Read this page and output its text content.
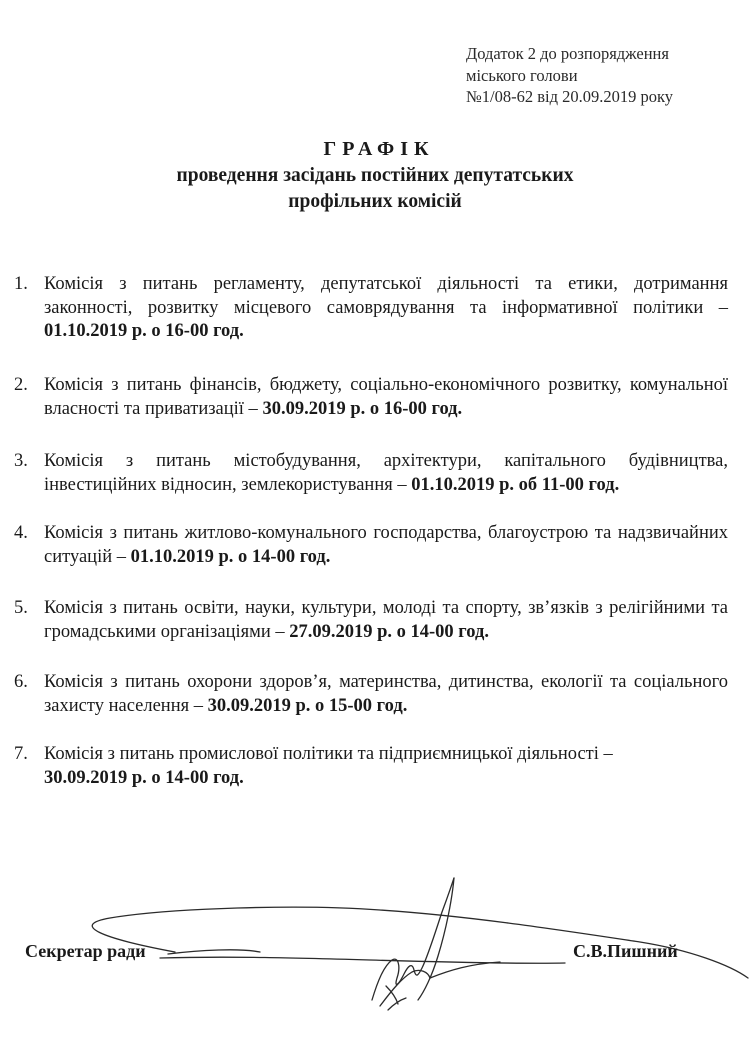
Додаток 2 до розпорядження
міського голови
№1/08-62 від 20.09.2019 року
ГРАФІК
проведення засідань постійних депутатських
профільних комісій
1. Комісія з питань регламенту, депутатської діяльності та етики, дотримання законності, розвитку місцевого самоврядування та інформативної політики – 01.10.2019 р. о 16-00 год.
2. Комісія з питань фінансів, бюджету, соціально-економічного розвитку, комунальної власності та приватизації – 30.09.2019 р. о 16-00 год.
3. Комісія з питань містобудування, архітектури, капітального будівництва, інвестиційних відносин, землекористування – 01.10.2019 р. об 11-00 год.
4. Комісія з питань житлово-комунального господарства, благоустрою та надзвичайних ситуацій – 01.10.2019 р. о 14-00 год.
5. Комісія з питань освіти, науки, культури, молоді та спорту, зв’язків з релігійними та громадськими організаціями – 27.09.2019 р. о 14-00 год.
6. Комісія з питань охорони здоров’я, материнства, дитинства, екології та соціального захисту населення – 30.09.2019 р. о 15-00 год.
7. Комісія з питань промислової політики та підприємницької діяльності –
30.09.2019 р. о 14-00 год.
Секретар ради	С.В.Пишний
